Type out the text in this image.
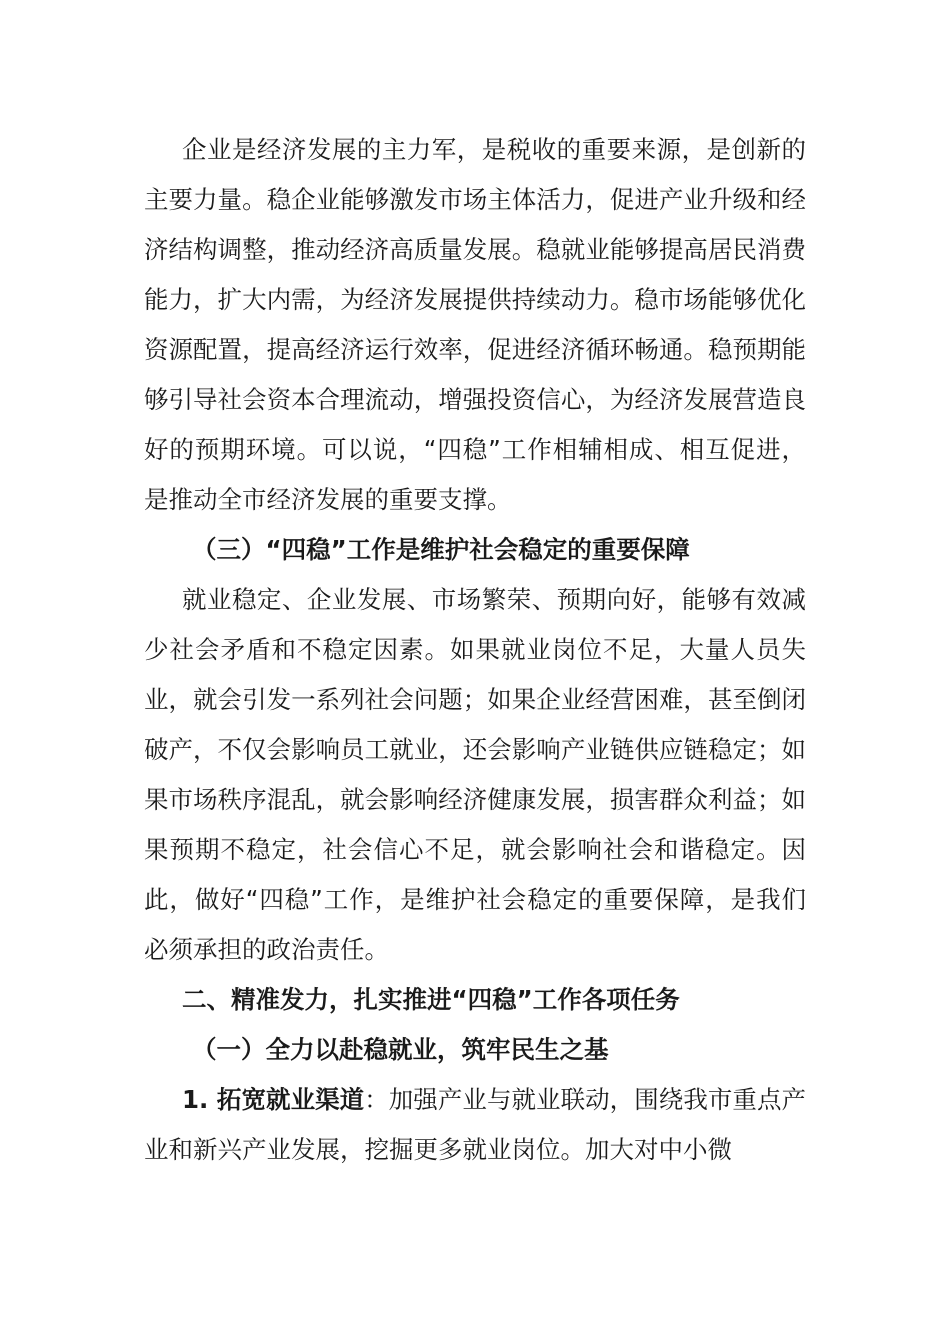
企业是经济发展的主力军，是税收的重要来源，是创新的主要力量。稳企业能够激发市场主体活力，促进产业升级和经济结构调整，推动经济高质量发展。稳就业能够提高居民消费能力，扩大内需，为经济发展提供持续动力。稳市场能够优化资源配置，提高经济运行效率，促进经济循环畅通。稳预期能够引导社会资本合理流动，增强投资信心，为经济发展营造良好的预期环境。可以说，“四稳”工作相辅相成、相互促进，是推动全市经济发展的重要支撑。

（三）“四稳”工作是维护社会稳定的重要保障

就业稳定、企业发展、市场繁荣、预期向好，能够有效减少社会矛盾和不稳定因素。如果就业岗位不足，大量人员失业，就会引发一系列社会问题；如果企业经营困难，甚至倒闭破产，不仅会影响员工就业，还会影响产业链供应链稳定；如果市场秩序混乱，就会影响经济健康发展，损害群众利益；如果预期不稳定，社会信心不足，就会影响社会和谐稳定。因此，做好“四稳”工作，是维护社会稳定的重要保障，是我们必须承担的政治责任。

二、精准发力，扎实推进“四稳”工作各项任务

（一）全力以赴稳就业，筑牢民生之基

1. 拓宽就业渠道：加强产业与就业联动，围绕我市重点产业和新兴产业发展，挖掘更多就业岗位。加大对中小微
